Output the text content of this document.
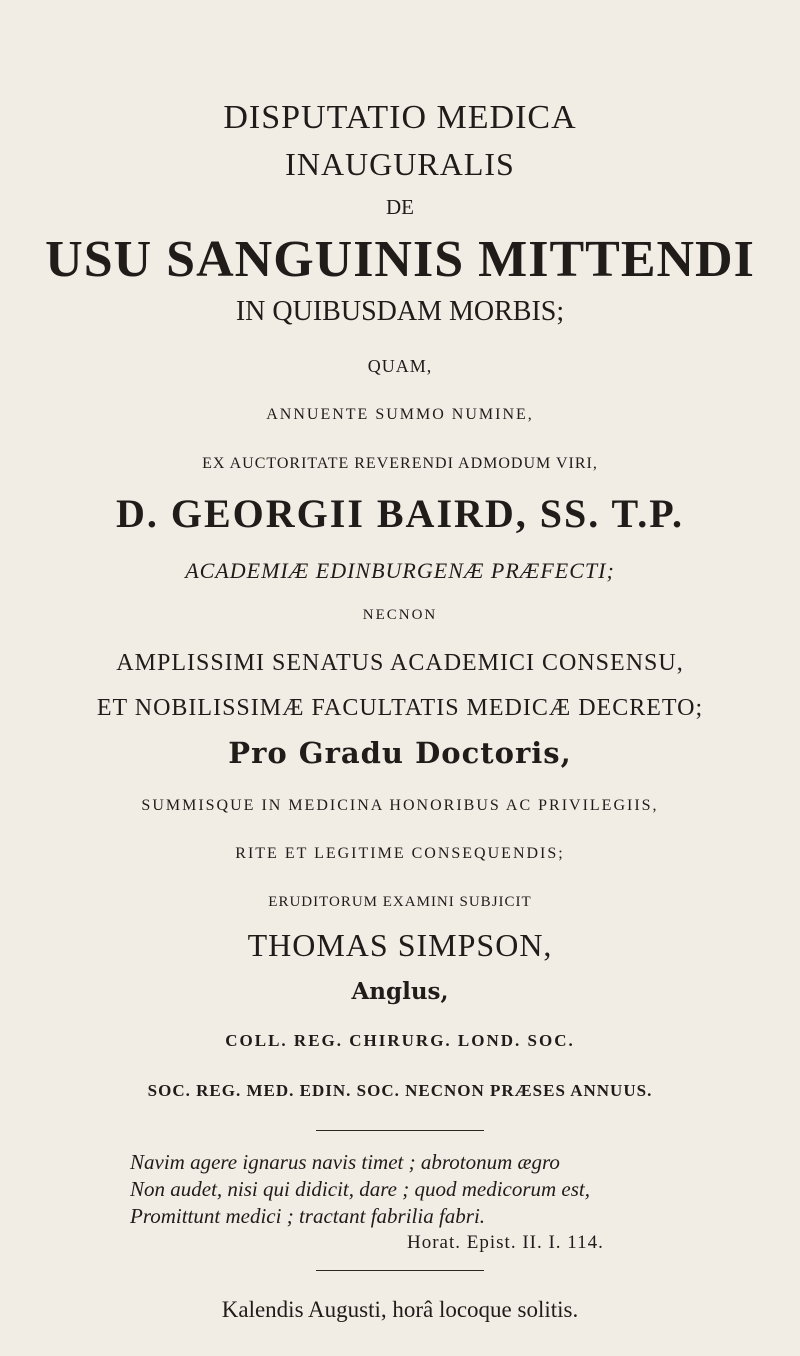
DISPUTATIO MEDICA
INAUGURALIS
DE
USU SANGUINIS MITTENDI
IN QUIBUSDAM MORBIS;
QUAM,
ANNUENTE SUMMO NUMINE,
EX AUCTORITATE REVERENDI ADMODUM VIRI,
D. GEORGII BAIRD, SS. T.P.
ACADEMIÆ EDINBURGENÆ PRÆFECTI;
NECNON
AMPLISSIMI SENATUS ACADEMICI CONSENSU,
ET NOBILISSIMÆ FACULTATIS MEDICÆ DECRETO;
Pro Gradu Doctoris,
SUMMISQUE IN MEDICINA HONORIBUS AC PRIVILEGIIS,
RITE ET LEGITIME CONSEQUENDIS;
ERUDITORUM EXAMINI SUBJICIT
THOMAS SIMPSON,
Anglus,
COLL. REG. CHIRURG. LOND. SOC.
SOC. REG. MED. EDIN. SOC. NECNON PRÆSES ANNUUS.
Navim agere ignarus navis timet ; abrotonum ægro
Non audet, nisi qui didicit, dare ; quod medicorum est,
Promittunt medici ; tractant fabrilia fabri.
Horat. Epist. II. I. 114.
Kalendis Augusti, horâ locoque solitis.
